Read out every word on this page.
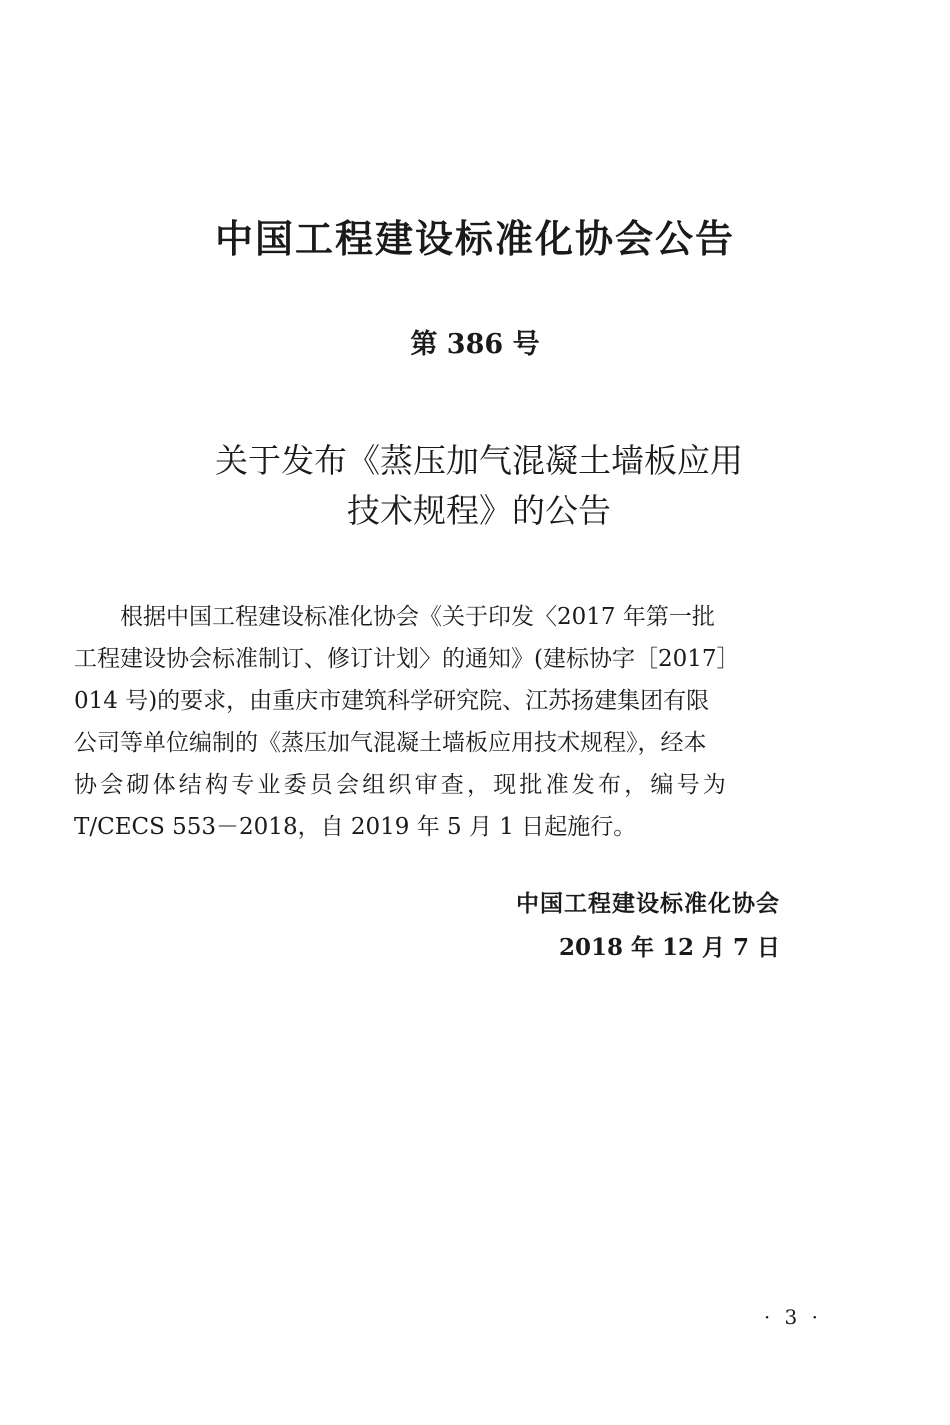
中国工程建设标准化协会公告
第 386 号
关于发布《蒸压加气混凝土墙板应用
技术规程》的公告
根据中国工程建设标准化协会《关于印发〈2017 年第一批
工程建设协会标准制订、修订计划〉的通知》(建标协字［2017］
014 号)的要求，由重庆市建筑科学研究院、江苏扬建集团有限
公司等单位编制的《蒸压加气混凝土墙板应用技术规程》，经本
协会砌体结构专业委员会组织审查，现批准发布，编号为
T/CECS 553－2018，自 2019 年 5 月 1 日起施行。
中国工程建设标准化协会
2018 年 12 月 7 日
· 3 ·
